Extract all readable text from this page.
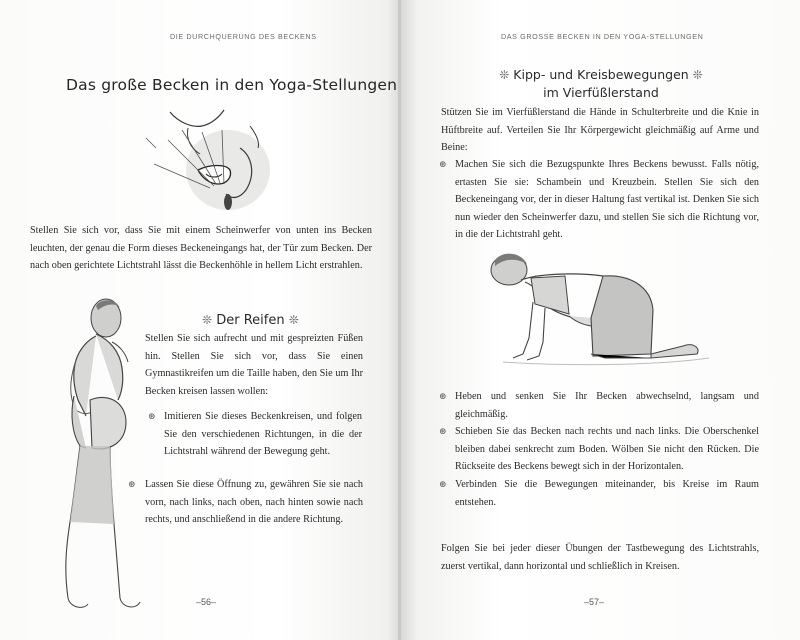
DIE DURCHQUERUNG DES BECKENS
Das große Becken in den Yoga-Stellungen

Stellen Sie sich vor, dass Sie mit einem Scheinwerfer von unten ins Becken leuchten, der genau die Form dieses Beckeneingangs hat, der Tür zum Becken. Der nach oben gerichtete Lichtstrahl lässt die Beckenhöhle in hellem Licht erstrahlen.

❊ Der Reifen ❊

Stellen Sie sich aufrecht und mit gespreizten Füßen hin. Stellen Sie sich vor, dass Sie einen Gymnastikreifen um die Taille haben, den Sie um Ihr Becken kreisen lassen wollen:

⊛ Imitieren Sie dieses Beckenkreisen, und folgen Sie den verschiedenen Richtungen, in die der Lichtstrahl während der Bewegung geht.
⊛ Lassen Sie diese Öffnung zu, gewähren Sie sie nach vorn, nach links, nach oben, nach hinten sowie nach rechts, und anschließend in die andere Richtung.
–56–
DAS GROSSE BECKEN IN DEN YOGA-STELLUNGEN
❊ Kipp- und Kreisbewegungen ❊
im Vierfüßlerstand

Stützen Sie im Vierfüßlerstand die Hände in Schulterbreite und die Knie in Hüftbreite auf. Verteilen Sie Ihr Körpergewicht gleichmäßig auf Arme und Beine:

⊛ Machen Sie sich die Bezugspunkte Ihres Beckens bewusst. Falls nötig, ertasten Sie sie: Schambein und Kreuzbein. Stellen Sie sich den Beckeneingang vor, der in dieser Haltung fast vertikal ist. Denken Sie sich nun wieder den Scheinwerfer dazu, und stellen Sie sich die Richtung vor, in die der Lichtstrahl geht.
⊛ Heben und senken Sie Ihr Becken abwechselnd, langsam und gleichmäßig.
⊛ Schieben Sie das Becken nach rechts und nach links. Die Oberschenkel bleiben dabei senkrecht zum Boden. Wölben Sie nicht den Rücken. Die Rückseite des Beckens bewegt sich in der Horizontalen.
⊛ Verbinden Sie die Bewegungen miteinander, bis Kreise im Raum entstehen.

Folgen Sie bei jeder dieser Übungen der Tastbewegung des Lichtstrahls, zuerst vertikal, dann horizontal und schließlich in Kreisen.

–57–
